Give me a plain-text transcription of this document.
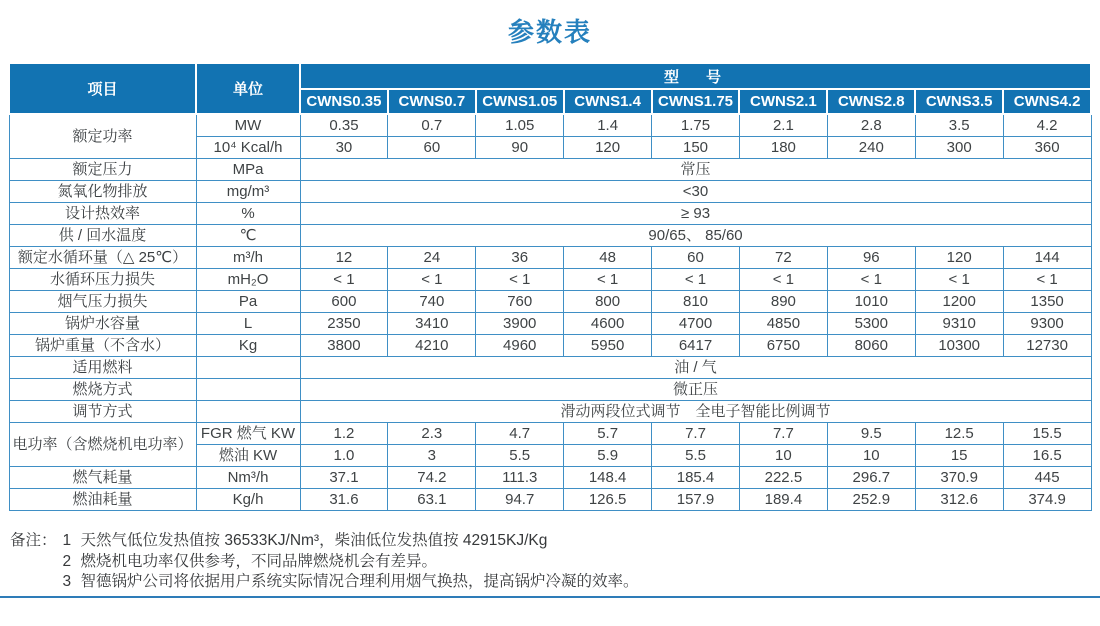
参数表
项目	单位	型　号								
		CWNS0.35	CWNS0.7	CWNS1.05	CWNS1.4	CWNS1.75	CWNS2.1	CWNS2.8	CWNS3.5	CWNS4.2
额定功率	MW	0.35	0.7	1.05	1.4	1.75	2.1	2.8	3.5	4.2
	10⁴ Kcal/h	30	60	90	120	150	180	240	300	360
额定压力	MPa	常压								
氮氧化物排放	mg/m³	<30								
设计热效率	%	≥ 93								
供 / 回水温度	℃	90/65、 85/60								
额定水循环量（△ 25℃）	m³/h	12	24	36	48	60	72	96	120	144
水循环压力损失	mH₂O	< 1	< 1	< 1	< 1	< 1	< 1	< 1	< 1	< 1
烟气压力损失	Pa	600	740	760	800	810	890	1010	1200	1350
锅炉水容量	L	2350	3410	3900	4600	4700	4850	5300	9310	9300
锅炉重量（不含水）	Kg	3800	4210	4960	5950	6417	6750	8060	10300	12730
适用燃料		油 / 气								
燃烧方式		微正压								
调节方式		滑动两段位式调节　全电子智能比例调节								
电功率（含燃烧机电功率）	FGR 燃气 KW	1.2	2.3	4.7	5.7	7.7	7.7	9.5	12.5	15.5
	燃油 KW	1.0	3	5.5	5.9	5.5	10	10	15	16.5
燃气耗量	Nm³/h	37.1	74.2	111.3	148.4	185.4	222.5	296.7	370.9	445
燃油耗量	Kg/h	31.6	63.1	94.7	126.5	157.9	189.4	252.9	312.6	374.9
备注： 1 天然气低位发热值按 36533KJ/Nm³，柴油低位发热值按 42915KJ/Kg
2 燃烧机电功率仅供参考，不同品牌燃烧机会有差异。
3 智德锅炉公司将依据用户系统实际情况合理利用烟气换热，提高锅炉冷凝的效率。
